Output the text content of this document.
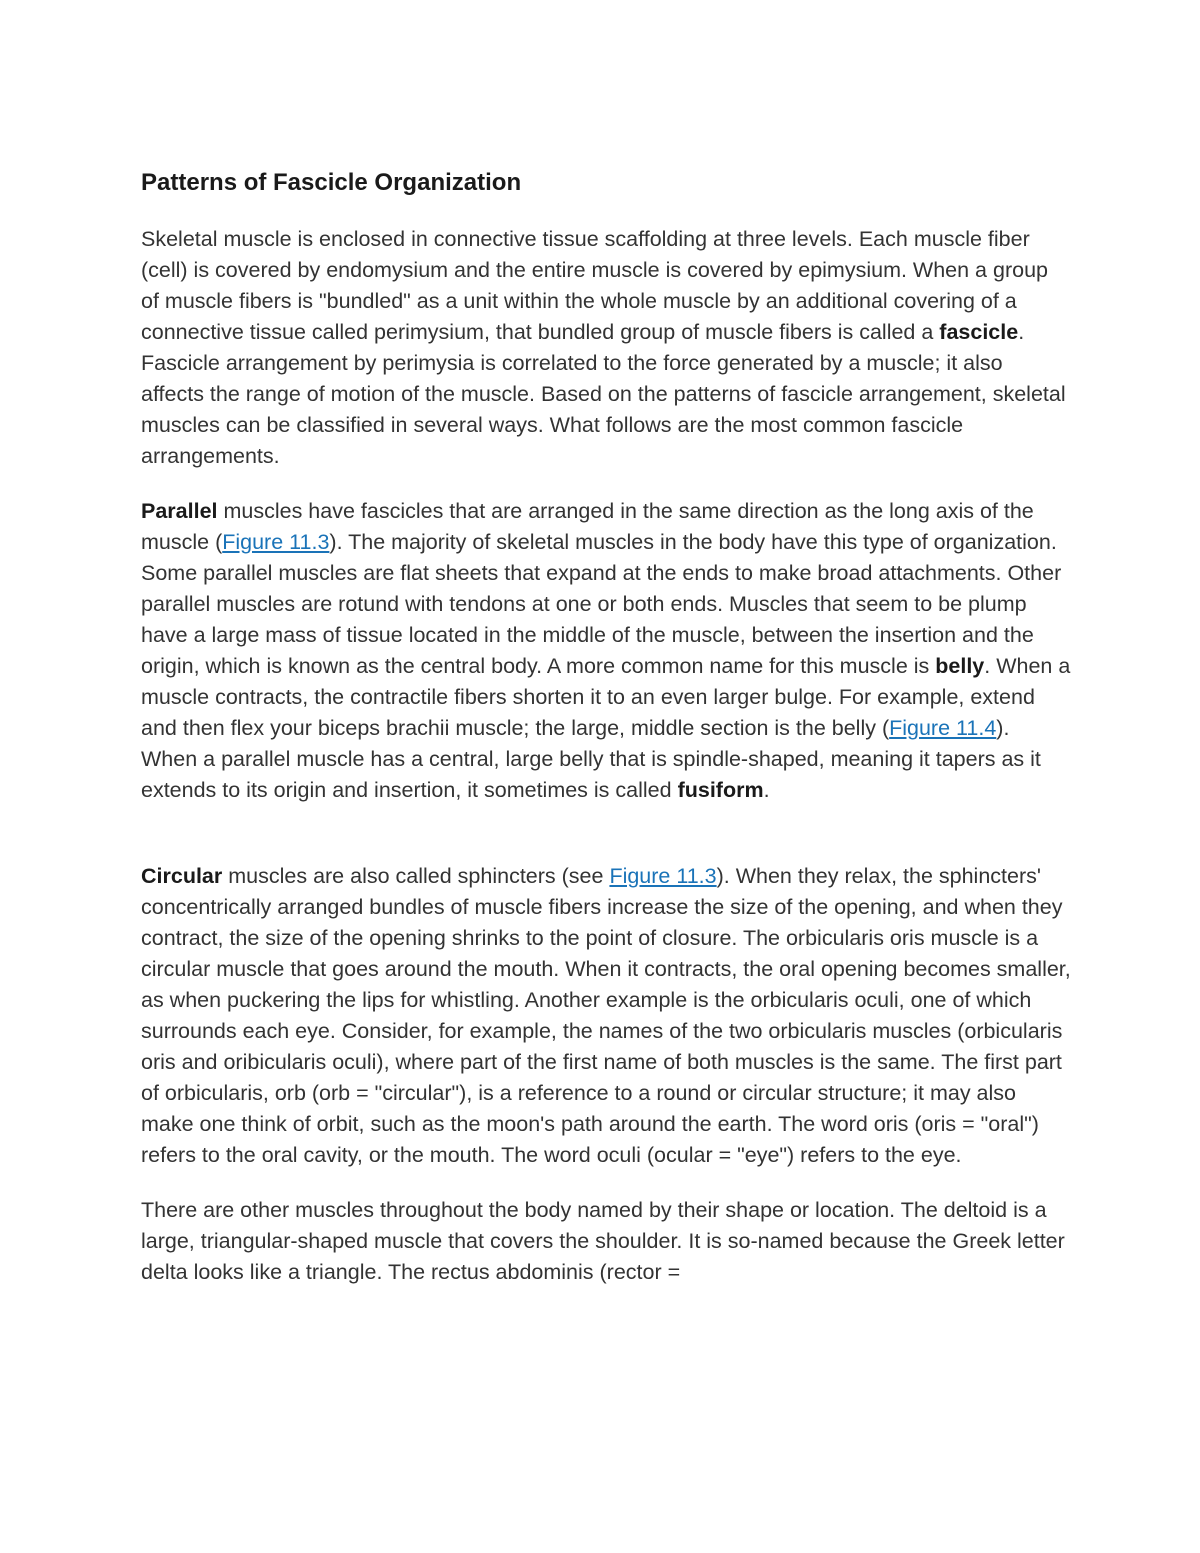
Patterns of Fascicle Organization

Skeletal muscle is enclosed in connective tissue scaffolding at three levels. Each muscle fiber (cell) is covered by endomysium and the entire muscle is covered by epimysium. When a group of muscle fibers is "bundled" as a unit within the whole muscle by an additional covering of a connective tissue called perimysium, that bundled group of muscle fibers is called a fascicle. Fascicle arrangement by perimysia is correlated to the force generated by a muscle; it also affects the range of motion of the muscle. Based on the patterns of fascicle arrangement, skeletal muscles can be classified in several ways. What follows are the most common fascicle arrangements.

Parallel muscles have fascicles that are arranged in the same direction as the long axis of the muscle (Figure 11.3). The majority of skeletal muscles in the body have this type of organization. Some parallel muscles are flat sheets that expand at the ends to make broad attachments. Other parallel muscles are rotund with tendons at one or both ends. Muscles that seem to be plump have a large mass of tissue located in the middle of the muscle, between the insertion and the origin, which is known as the central body. A more common name for this muscle is belly. When a muscle contracts, the contractile fibers shorten it to an even larger bulge. For example, extend and then flex your biceps brachii muscle; the large, middle section is the belly (Figure 11.4). When a parallel muscle has a central, large belly that is spindle-shaped, meaning it tapers as it extends to its origin and insertion, it sometimes is called fusiform.

Circular muscles are also called sphincters (see Figure 11.3). When they relax, the sphincters' concentrically arranged bundles of muscle fibers increase the size of the opening, and when they contract, the size of the opening shrinks to the point of closure. The orbicularis oris muscle is a circular muscle that goes around the mouth. When it contracts, the oral opening becomes smaller, as when puckering the lips for whistling. Another example is the orbicularis oculi, one of which surrounds each eye. Consider, for example, the names of the two orbicularis muscles (orbicularis oris and oribicularis oculi), where part of the first name of both muscles is the same. The first part of orbicularis, orb (orb = "circular"), is a reference to a round or circular structure; it may also make one think of orbit, such as the moon's path around the earth. The word oris (oris = "oral") refers to the oral cavity, or the mouth. The word oculi (ocular = "eye") refers to the eye.

There are other muscles throughout the body named by their shape or location. The deltoid is a large, triangular-shaped muscle that covers the shoulder. It is so-named because the Greek letter delta looks like a triangle. The rectus abdominis (rector =
